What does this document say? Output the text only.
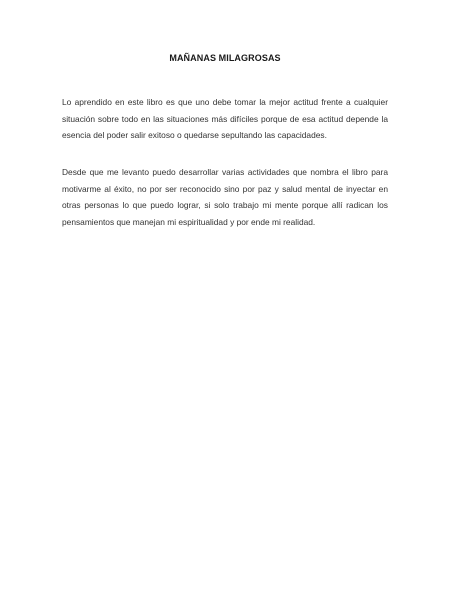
MAÑANAS MILAGROSAS

Lo aprendido en este libro es que uno debe tomar la mejor actitud frente a cualquier situación sobre todo en las situaciones más difíciles porque de esa actitud depende la esencia del poder salir exitoso o quedarse sepultando las capacidades.

Desde que me levanto puedo desarrollar varias actividades que nombra el libro para motivarme al éxito, no por ser reconocido sino por paz y salud mental de inyectar en otras personas lo que puedo lograr, si solo trabajo mi mente porque allí radican los pensamientos que manejan mi espiritualidad y por ende mi realidad.
